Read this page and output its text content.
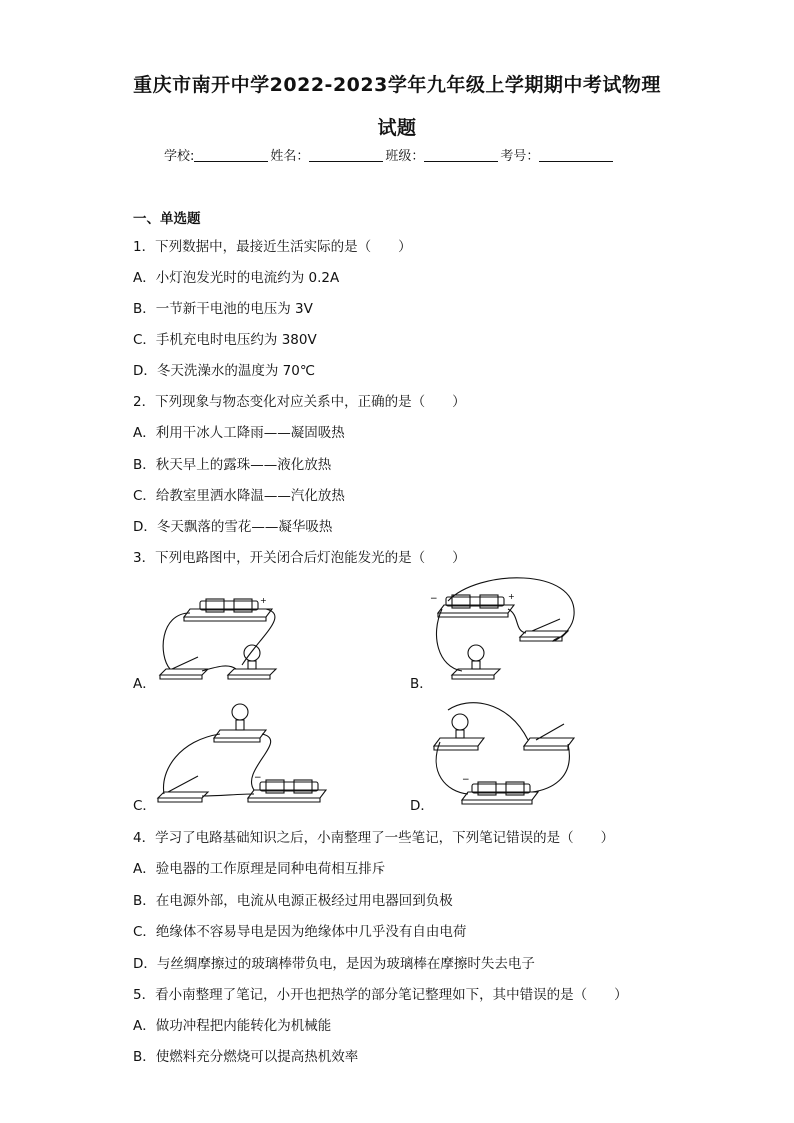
重庆市南开中学2022-2023学年九年级上学期期中考试物理
试题
学校:	姓名：	班级：	考号：
一、单选题
1．下列数据中，最接近生活实际的是（　　）
A．小灯泡发光时的电流约为 0.2A
B．一节新干电池的电压为 3V
C．手机充电时电压约为 380V
D．冬天洗澡水的温度为 70℃
2．下列现象与物态变化对应关系中，正确的是（　　）
A．利用干冰人工降雨——凝固吸热
B．秋天早上的露珠——液化放热
C．给教室里洒水降温——汽化放热
D．冬天飘落的雪花——凝华吸热
3．下列电路图中，开关闭合后灯泡能发光的是（　　）
A．
+
B．
−	+
C．
−
D．
−
4．学习了电路基础知识之后，小南整理了一些笔记，下列笔记错误的是（　　）
A．验电器的工作原理是同种电荷相互排斥
B．在电源外部，电流从电源正极经过用电器回到负极
C．绝缘体不容易导电是因为绝缘体中几乎没有自由电荷
D．与丝绸摩擦过的玻璃棒带负电，是因为玻璃棒在摩擦时失去电子
5．看小南整理了笔记，小开也把热学的部分笔记整理如下，其中错误的是（　　）
A．做功冲程把内能转化为机械能
B．使燃料充分燃烧可以提高热机效率
